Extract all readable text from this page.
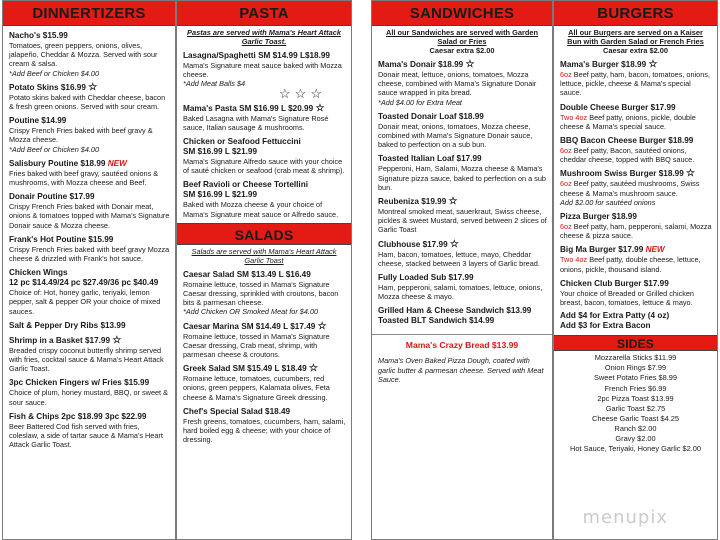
DINNERTIZERS
Nacho's $15.99
Tomatoes, green peppers, onions, olives, jalapeño, Cheddar & Mozza. Served with sour cream & salsa.
*Add Beef or Chicken $4.00
Potato Skins $16.99 ☆
Potato skins baked with Cheddar cheese, bacon & fresh green onions. Served with sour cream.
Poutine $14.99
Crispy French Fries baked with beef gravy & Mozza cheese.
*Add Beef or Chicken $4.00
Salisbury Poutine $18.99 NEW
Fries baked with beef gravy, sautéed onions & mushrooms, with Mozza cheese and Beef.
Donair Poutine $17.99
Crispy French Fries baked with Donair meat, onions & tomatoes topped with Mama's Signature Donair sauce & Mozza cheese.
Frank's Hot Poutine $15.99
Crispy French Fries baked with beef gravy Mozza cheese & drizzled with Frank's hot sauce.
Chicken Wings
12 pc $14.49/24 pc $27.49/36 pc $40.49
Choice of: Hot, honey garlic, teriyaki, lemon pepper, salt & pepper OR your choice of mixed sauces.
Salt & Pepper Dry Ribs $13.99
Shrimp in a Basket $17.99 ☆
Breaded crispy coconut butterfly shrimp served with fries, cocktail sauce & Mama's Heart Attack Garlic Toast.
3pc Chicken Fingers w/ Fries $15.99
Choice of plum, honey mustard, BBQ, or sweet & sour sauce.
Fish & Chips 2pc $18.99 3pc $22.99
Beer Battered Cod fish served with fries, coleslaw, a side of tartar sauce & Mama's Heart Attack Garlic Toast.
PASTA
Pastas are served with Mama's Heart Attack Garlic Toast.
Lasagna/Spaghetti SM $14.99 L$18.99
Mama's Signature meat sauce baked with Mozza cheese.
*Add Meat Balls $4
☆☆☆
Mama's Pasta SM $16.99 L $20.99 ☆
Baked Lasagna with Mama's Signature Rosé sauce, Italian sausage & mushrooms.
Chicken or Seafood Fettuccini
SM $16.99 L $21.99
Mama's Signature Alfredo sauce with your choice of sauté chicken or seafood (crab meat & shrimp).
Beef Ravioli or Cheese Tortellini
SM $16.99 L $21.99
Baked with Mozza cheese & your choice of Mama's Signature meat sauce or Alfredo sauce.
SALADS
Salads are served with Mama's Heart Attack Garlic Toast
Caesar Salad SM $13.49 L $16.49
Romaine lettuce, tossed in Mama's Signature Caesar dressing, sprinkled with croutons, bacon bits & parmesan cheese.
*Add Chicken OR Smoked Meat for $4.00
Caesar Marina SM $14.49 L $17.49 ☆
Romaine lettuce, tossed in Mama's Signature Caesar dressing, Crab meat, shrimp, with parmesan cheese & croutons.
Greek Salad SM $15.49 L $18.49 ☆
Romaine lettuce, tomatoes, cucumbers, red onions, green peppers, Kalamata olives, Feta cheese & Mama's Signature Greek dressing.
Chef's Special Salad $18.49
Fresh greens, tomatoes, cucumbers, ham, salami, hard boiled egg & cheese; with your choice of dressing.
SANDWICHES
All our Sandwiches are served with Garden Salad or Fries
Caesar extra $2.00
Mama's Donair $18.99 ☆
Donair meat, lettuce, onions, tomatoes, Mozza cheese, combined with Mama's Signature Donair sauce wrapped in pita bread.
*Add $4.00 for Extra Meat
Toasted Donair Loaf $18.99
Donair meat, onions, tomatoes, Mozza cheese, combined with Mama's Signature Donair sauce, baked to perfection on a sub bun.
Toasted Italian Loaf $17.99
Pepperoni, Ham, Salami, Mozza cheese & Mama's Signature pizza sauce, baked to perfection on a sub bun.
Reubeniza $19.99 ☆
Montreal smoked meat, sauerkraut, Swiss cheese, pickles & sweet Mustard, served between 2 slices of Garlic Toast
Clubhouse $17.99 ☆
Ham, bacon, tomatoes, lettuce, mayo, Cheddar cheese, stacked between 3 layers of Garlic bread.
Fully Loaded Sub $17.99
Ham, pepperoni, salami, tomatoes, lettuce, onions, Mozza cheese & mayo.
Grilled Ham & Cheese Sandwich $13.99
Toasted BLT Sandwich $14.99
Mama's Crazy Bread $13.99
Mama's Oven Baked Pizza Dough, coated with garlic butter & parmesan cheese. Served with Meat Sauce.
BURGERS
All our Burgers are served on a Kaiser Bun with Garden Salad or French Fries
Caesar extra $2.00
Mama's Burger $18.99 ☆
6oz Beef patty, ham, bacon, tomatoes, onions, lettuce, pickle, cheese & Mama's special sauce.
Double Cheese Burger $17.99
Two 4oz Beef patty, onions, pickle, double cheese & Mama's special sauce.
BBQ Bacon Cheese Burger $18.99
6oz Beef patty, Bacon, sautéed onions, cheddar cheese, topped with BBQ sauce.
Mushroom Swiss Burger $18.99 ☆
6oz Beef patty, sautéed mushrooms, Swiss cheese & Mama's mushroom sauce.
Add $2.00 for sautéed onions
Pizza Burger $18.99
6oz Beef patty, ham, pepperoni, salami, Mozza cheese & pizza sauce.
Big Ma Burger $17.99 NEW
Two 4oz Beef patty, double cheese, lettuce, onions, pickle, thousand island.
Chicken Club Burger $17.99
Your choice of Breaded or Grilled chicken breast, bacon, tomatoes, lettuce & mayo.
Add $4 for Extra Patty (4 oz)
Add $3 for Extra Bacon
SIDES
Mozzarella Sticks $11.99
Onion Rings $7.99
Sweet Potato Fries $8.99
French Fries $6.99
2pc Pizza Toast $13.99
Garlic Toast $2.75
Cheese Garlic Toast $4.25
Ranch $2.00
Gravy $2.00
Hot Sauce, Teriyaki, Honey Garlic $2.00
menupix
